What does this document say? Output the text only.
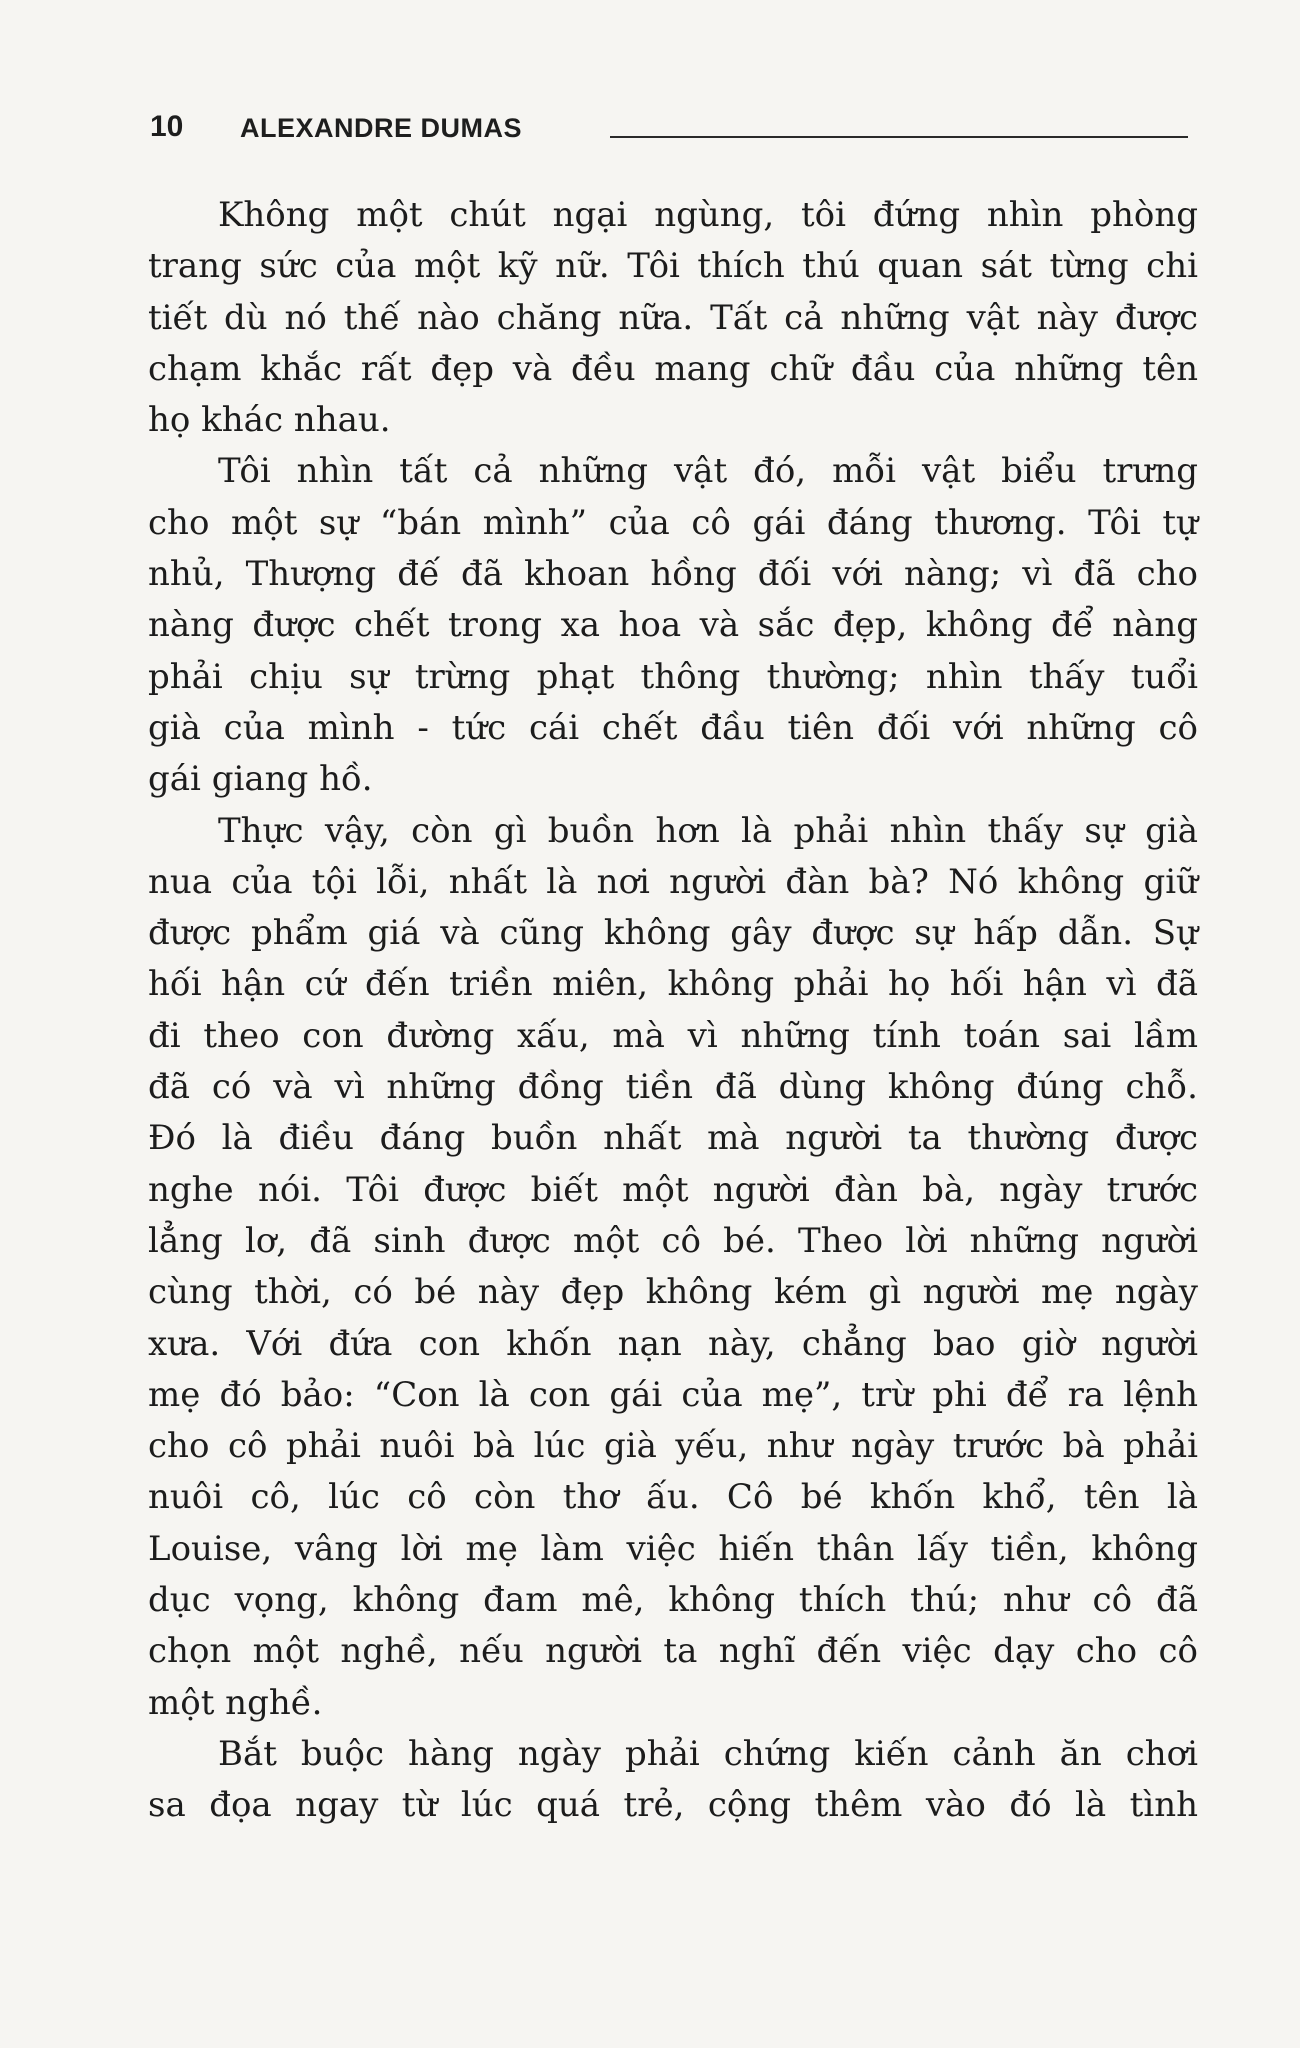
10	ALEXANDRE DUMAS
Không một chút ngại ngùng, tôi đứng nhìn phòng
trang sức của một kỹ nữ. Tôi thích thú quan sát từng chi
tiết dù nó thế nào chăng nữa. Tất cả những vật này được
chạm khắc rất đẹp và đều mang chữ đầu của những tên
họ khác nhau.
Tôi nhìn tất cả những vật đó, mỗi vật biểu trưng
cho một sự “bán mình” của cô gái đáng thương. Tôi tự
nhủ, Thượng đế đã khoan hồng đối với nàng; vì đã cho
nàng được chết trong xa hoa và sắc đẹp, không để nàng
phải chịu sự trừng phạt thông thường; nhìn thấy tuổi
già của mình - tức cái chết đầu tiên đối với những cô
gái giang hồ.
Thực vậy, còn gì buồn hơn là phải nhìn thấy sự già
nua của tội lỗi, nhất là nơi người đàn bà? Nó không giữ
được phẩm giá và cũng không gây được sự hấp dẫn. Sự
hối hận cứ đến triền miên, không phải họ hối hận vì đã
đi theo con đường xấu, mà vì những tính toán sai lầm
đã có và vì những đồng tiền đã dùng không đúng chỗ.
Đó là điều đáng buồn nhất mà người ta thường được
nghe nói. Tôi được biết một người đàn bà, ngày trước
lẳng lơ, đã sinh được một cô bé. Theo lời những người
cùng thời, có bé này đẹp không kém gì người mẹ ngày
xưa. Với đứa con khốn nạn này, chẳng bao giờ người
mẹ đó bảo: “Con là con gái của mẹ”, trừ phi để ra lệnh
cho cô phải nuôi bà lúc già yếu, như ngày trước bà phải
nuôi cô, lúc cô còn thơ ấu. Cô bé khốn khổ, tên là
Louise, vâng lời mẹ làm việc hiến thân lấy tiền, không
dục vọng, không đam mê, không thích thú; như cô đã
chọn một nghề, nếu người ta nghĩ đến việc dạy cho cô
một nghề.
Bắt buộc hàng ngày phải chứng kiến cảnh ăn chơi
sa đọa ngay từ lúc quá trẻ, cộng thêm vào đó là tình
